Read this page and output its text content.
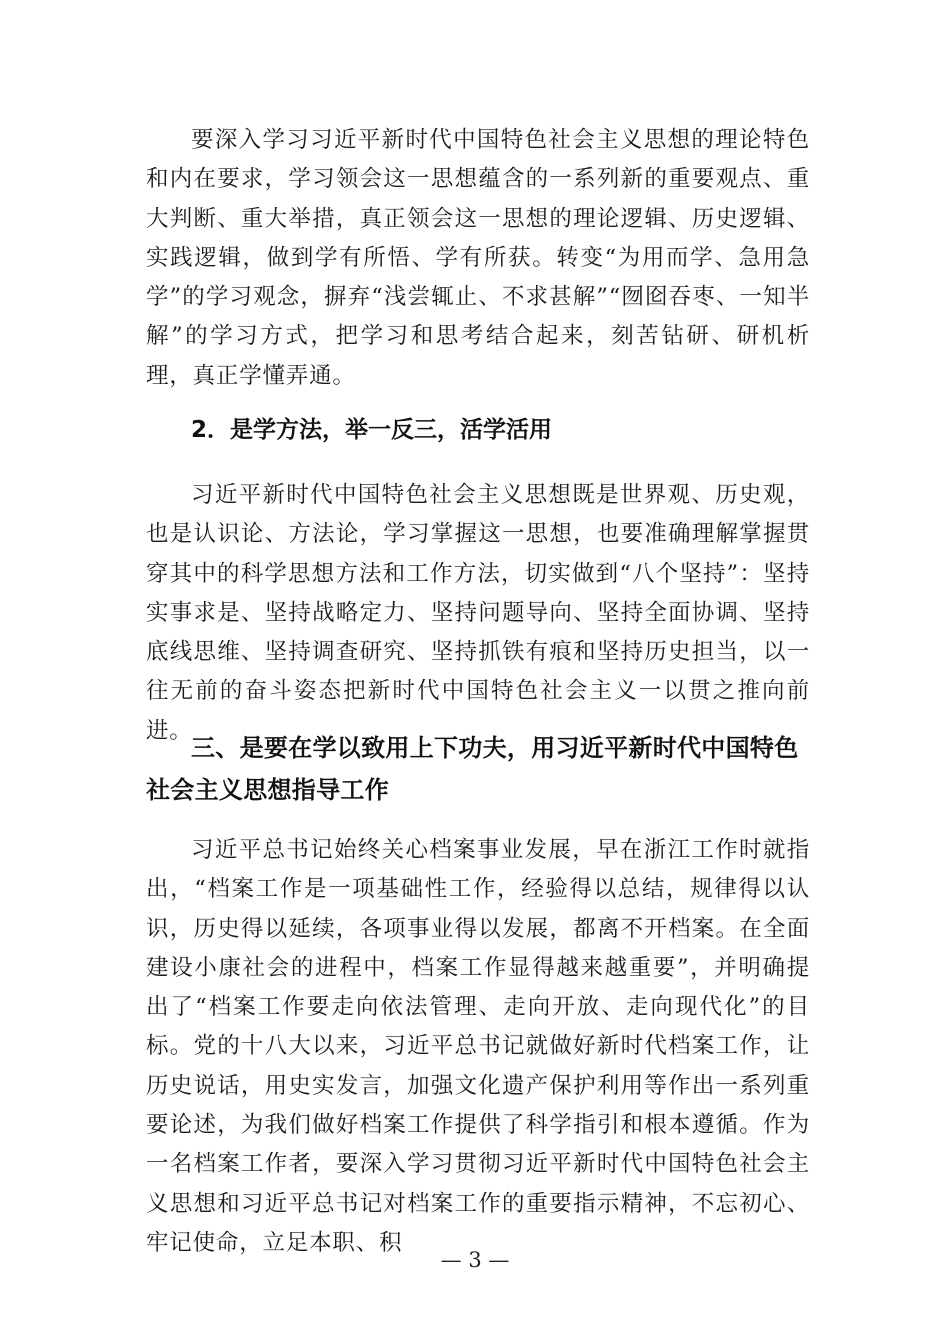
要深入学习习近平新时代中国特色社会主义思想的理论特色和内在要求，学习领会这一思想蕴含的一系列新的重要观点、重大判断、重大举措，真正领会这一思想的理论逻辑、历史逻辑、实践逻辑，做到学有所悟、学有所获。转变“为用而学、急用急学”的学习观念，摒弃“浅尝辄止、不求甚解”“囫囵吞枣、一知半解”的学习方式，把学习和思考结合起来，刻苦钻研、研机析理，真正学懂弄通。

2．是学方法，举一反三，活学活用

习近平新时代中国特色社会主义思想既是世界观、历史观，也是认识论、方法论，学习掌握这一思想，也要准确理解掌握贯穿其中的科学思想方法和工作方法，切实做到“八个坚持”：坚持实事求是、坚持战略定力、坚持问题导向、坚持全面协调、坚持底线思维、坚持调查研究、坚持抓铁有痕和坚持历史担当，以一往无前的奋斗姿态把新时代中国特色社会主义一以贯之推向前进。

三、是要在学以致用上下功夫，用习近平新时代中国特色社会主义思想指导工作

习近平总书记始终关心档案事业发展，早在浙江工作时就指出，“档案工作是一项基础性工作，经验得以总结，规律得以认识，历史得以延续，各项事业得以发展，都离不开档案。在全面建设小康社会的进程中，档案工作显得越来越重要”，并明确提出了“档案工作要走向依法管理、走向开放、走向现代化”的目标。党的十八大以来，习近平总书记就做好新时代档案工作，让历史说话，用史实发言，加强文化遗产保护利用等作出一系列重要论述，为我们做好档案工作提供了科学指引和根本遵循。作为一名档案工作者，要深入学习贯彻习近平新时代中国特色社会主义思想和习近平总书记对档案工作的重要指示精神，不忘初心、牢记使命，立足本职、积

— 3 —
